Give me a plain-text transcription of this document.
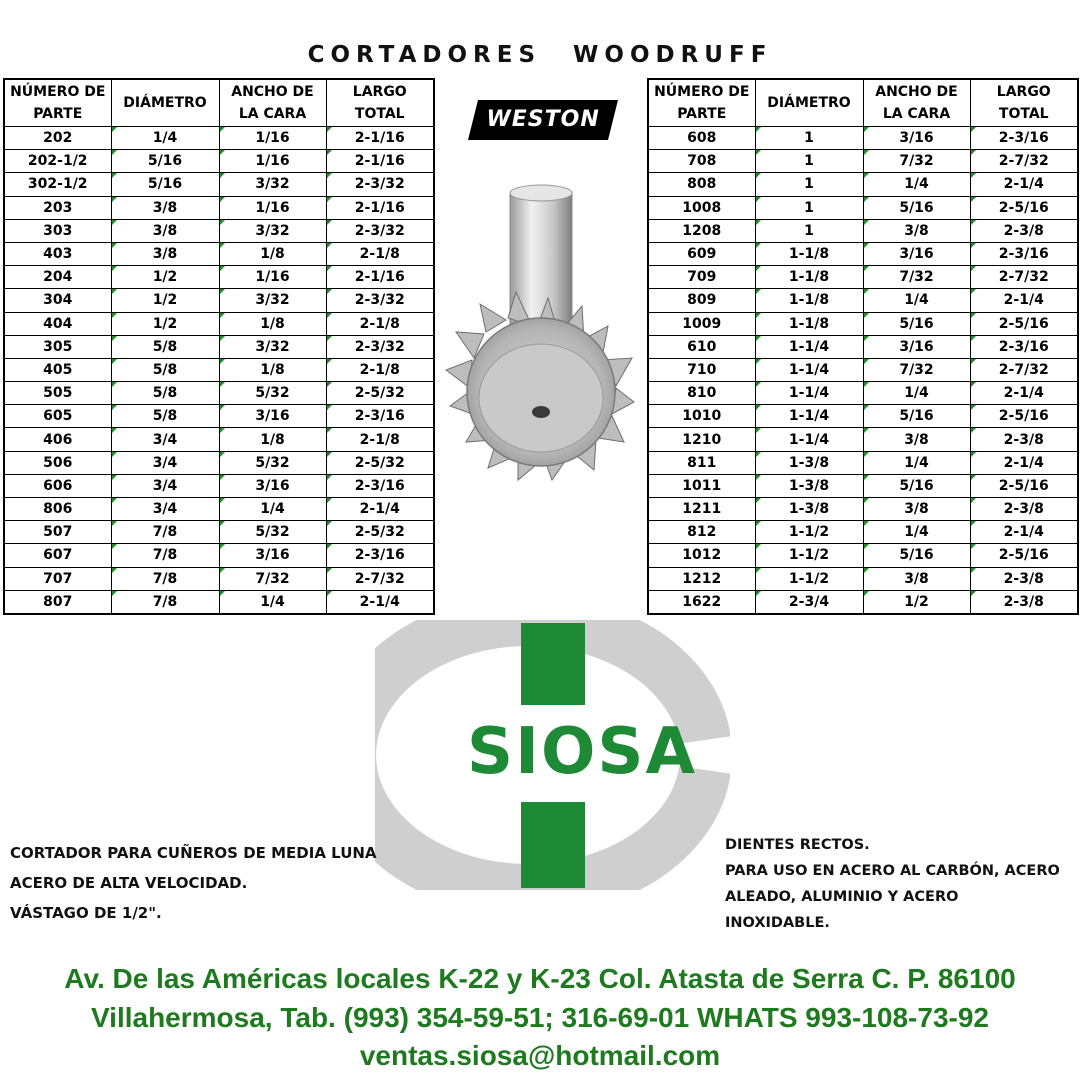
CORTADORES WOODRUFF
NÚMERO DE PARTE	DIÁMETRO	ANCHO DE LA CARA	LARGO TOTAL
202	1/4	1/16	2-1/16
202-1/2	5/16	1/16	2-1/16
302-1/2	5/16	3/32	2-3/32
203	3/8	1/16	2-1/16
303	3/8	3/32	2-3/32
403	3/8	1/8	2-1/8
204	1/2	1/16	2-1/16
304	1/2	3/32	2-3/32
404	1/2	1/8	2-1/8
305	5/8	3/32	2-3/32
405	5/8	1/8	2-1/8
505	5/8	5/32	2-5/32
605	5/8	3/16	2-3/16
406	3/4	1/8	2-1/8
506	3/4	5/32	2-5/32
606	3/4	3/16	2-3/16
806	3/4	1/4	2-1/4
507	7/8	5/32	2-5/32
607	7/8	3/16	2-3/16
707	7/8	7/32	2-7/32
807	7/8	1/4	2-1/4
WESTON
NÚMERO DE PARTE	DIÁMETRO	ANCHO DE LA CARA	LARGO TOTAL
608	1	3/16	2-3/16
708	1	7/32	2-7/32
808	1	1/4	2-1/4
1008	1	5/16	2-5/16
1208	1	3/8	2-3/8
609	1-1/8	3/16	2-3/16
709	1-1/8	7/32	2-7/32
809	1-1/8	1/4	2-1/4
1009	1-1/8	5/16	2-5/16
610	1-1/4	3/16	2-3/16
710	1-1/4	7/32	2-7/32
810	1-1/4	1/4	2-1/4
1010	1-1/4	5/16	2-5/16
1210	1-1/4	3/8	2-3/8
811	1-3/8	1/4	2-1/4
1011	1-3/8	5/16	2-5/16
1211	1-3/8	3/8	2-3/8
812	1-1/2	1/4	2-1/4
1012	1-1/2	5/16	2-5/16
1212	1-1/2	3/8	2-3/8
1622	2-3/4	1/2	2-3/8
SIOSA
CORTADOR PARA CUÑEROS DE MEDIA LUNA
ACERO DE ALTA VELOCIDAD.
VÁSTAGO DE 1/2".
DIENTES RECTOS.
PARA USO EN ACERO AL CARBÓN, ACERO
ALEADO, ALUMINIO Y ACERO
INOXIDABLE.
Av. De las Américas locales K-22 y K-23 Col. Atasta de Serra C. P. 86100
Villahermosa, Tab. (993) 354-59-51; 316-69-01 WHATS 993-108-73-92
ventas.siosa@hotmail.com
